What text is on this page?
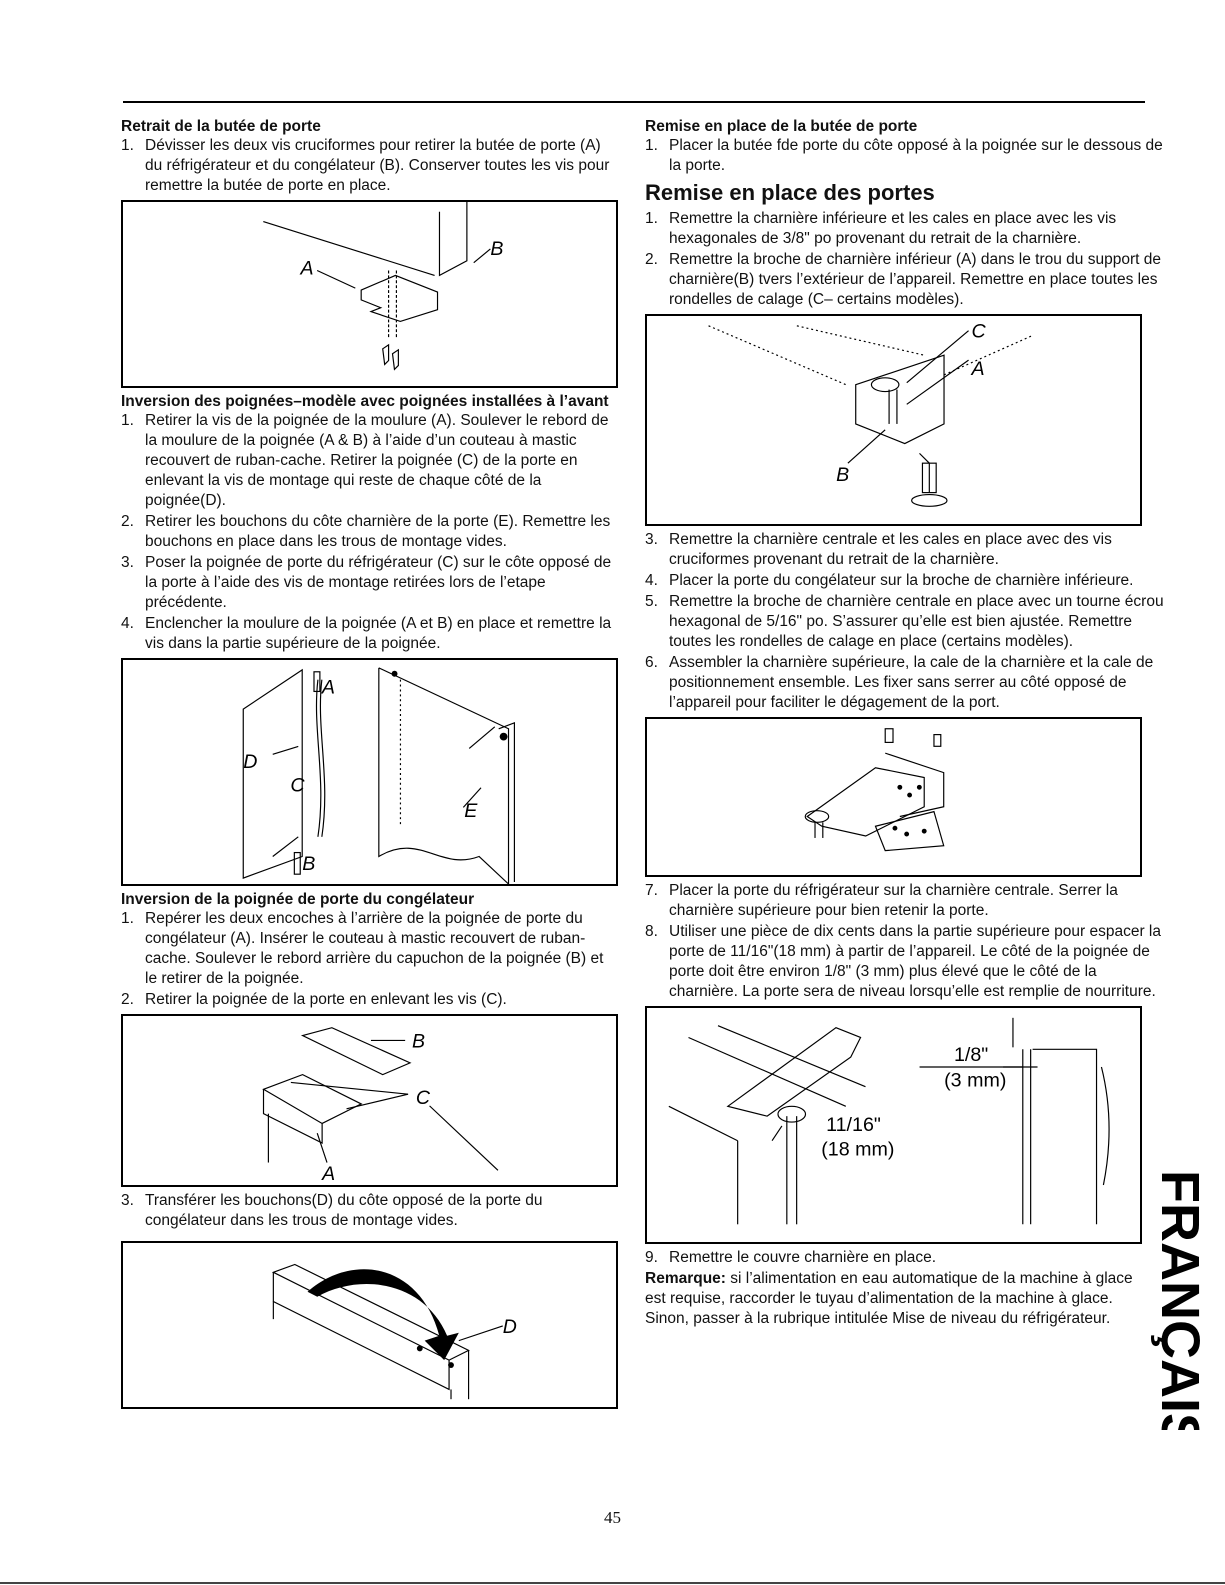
Retrait de la butée de porte
1. Dévisser les deux vis cruciformes pour retirer la butée de porte (A) du réfrigérateur et du congélateur (B). Conserver toutes les vis pour remettre la butée de porte en place.
A
B
Inversion des poignées–modèle avec poignées installées à l’avant
1. Retirer la vis de la poignée de la moulure (A). Soulever le rebord de la moulure de la poignée (A & B) à l’aide d’un couteau à mastic recouvert de ruban-cache. Retirer la poignée (C) de la porte en enlevant la vis de montage qui reste de chaque côté de la poignée(D).
2. Retirer les bouchons du côte charnière de la porte (E). Remettre les bouchons en place dans les trous de montage vides.
3. Poser la poignée de porte du réfrigérateur (C) sur le côte opposé de la porte à l’aide des vis de montage retirées lors de l’etape précédente.
4. Enclencher la moulure de la poignée (A et B) en place et remettre la vis dans la partie supérieure de la poignée.
A
D
C
E
B
Inversion de la poignée de porte du congélateur
1. Repérer les deux encoches à l’arrière de la poignée de porte du congélateur (A). Insérer le couteau à mastic recouvert de ruban-cache. Soulever le rebord arrière du capuchon de la poignée (B) et le retirer de la poignée.
2. Retirer la poignée de la porte en enlevant les vis (C).
B
C
A
3. Transférer les bouchons(D) du côte opposé de la porte du congélateur dans les trous de montage vides.
D
Remise en place de la butée de porte
1. Placer la butée fde porte du côte opposé à la poignée sur le dessous de la porte.
Remise en place des portes
1. Remettre la charnière inférieure et les cales en place avec les vis hexagonales de 3/8" po provenant du retrait de la charnière.
2. Remettre la broche de charnière inférieur (A) dans le trou du support de charnière(B) tvers l’extérieur de l’appareil. Remettre en place toutes les rondelles de calage (C– certains modèles).
C
A
B
3. Remettre la charnière centrale et les cales en place avec des vis cruciformes provenant du retrait de la charnière.
4. Placer la porte du congélateur sur la broche de charnière inférieure.
5. Remettre la broche de charnière centrale en place avec un tourne écrou hexagonal de 5/16" po. S’assurer qu’elle est bien ajustée. Remettre toutes les rondelles de calage en place (certains modèles).
6. Assembler la charnière supérieure, la cale de la charnière et la cale de positionnement ensemble. Les fixer sans serrer au côté opposé de l’appareil pour faciliter le dégagement de la port.
7. Placer la porte du réfrigérateur sur la charnière centrale. Serrer la charnière supérieure pour bien retenir la porte.
8. Utiliser une pièce de dix cents dans la partie supérieure pour espacer la porte de 11/16"(18 mm) à partir de l’appareil. Le côté de la poignée de porte doit être environ 1/8" (3 mm) plus élevé que le côté de la charnière. La porte sera de niveau lorsqu’elle est remplie de nourriture.
1/8"
(3 mm)
11/16"
(18 mm)
9. Remettre le couvre charnière en place.
Remarque: si l’alimentation en eau automatique de la machine à glace est requise, raccorder le tuyau d’alimentation de la machine à glace. Sinon, passer à la rubrique intitulée Mise de niveau du réfrigérateur. FRANÇAIS
45
